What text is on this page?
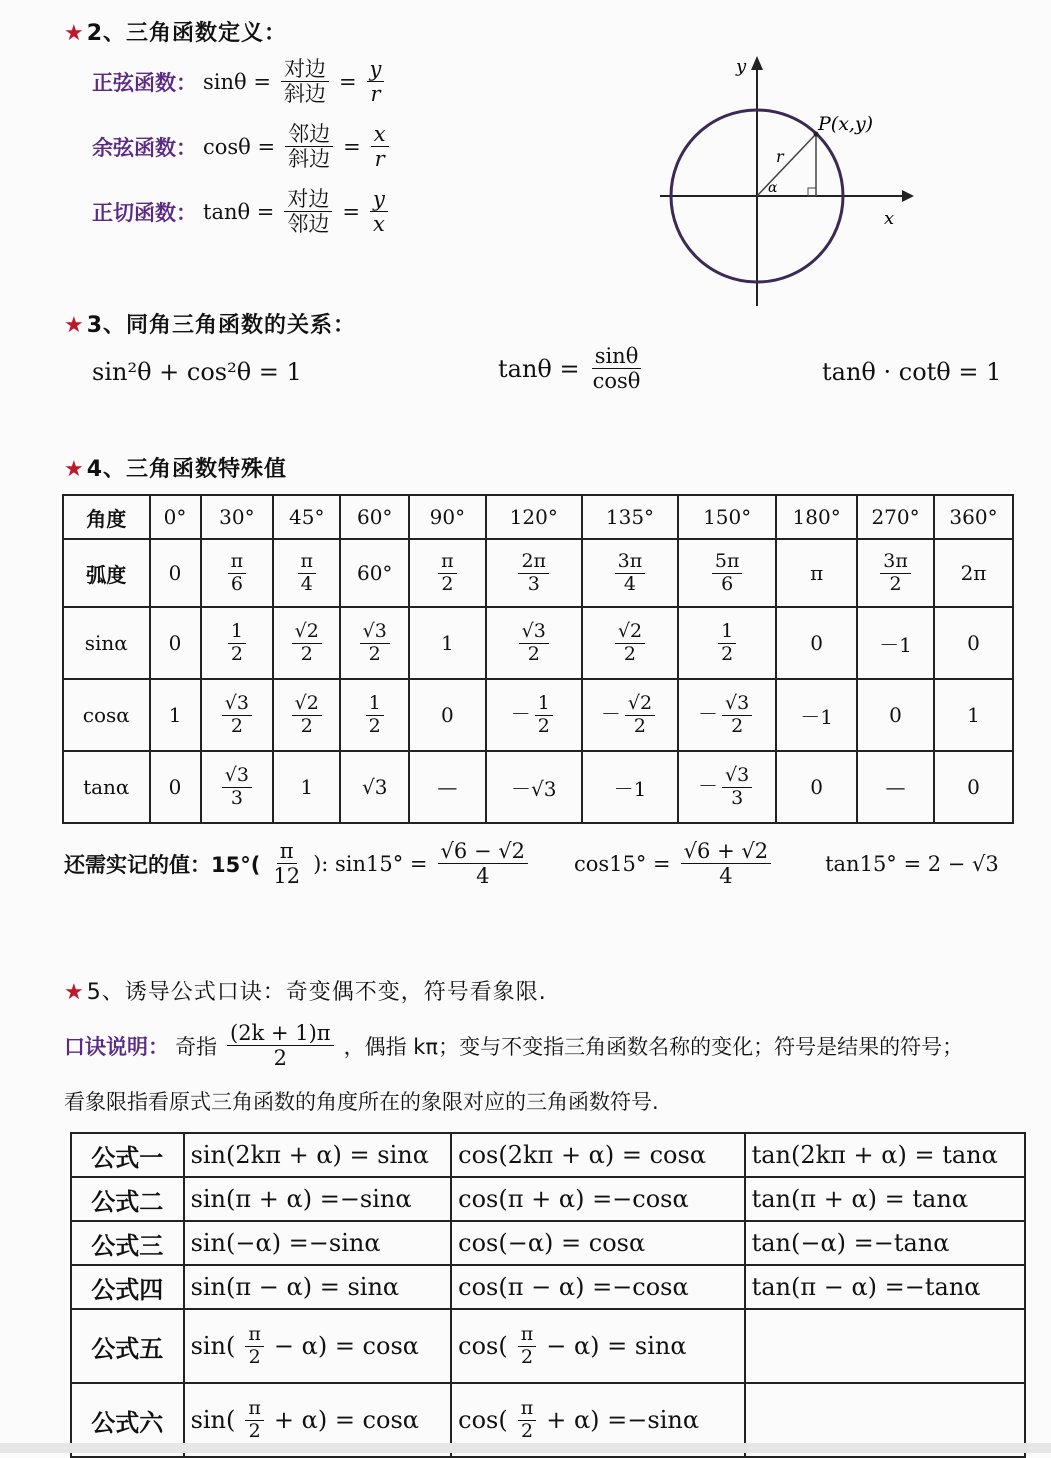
★2、三角函数定义：
正弦函数： $\sin\theta = \frac{\text{对边}}{\text{斜边}} = \frac{y}{r}$
余弦函数： $\cos\theta = \frac{\text{邻边}}{\text{斜边}} = \frac{x}{r}$
正切函数： $\tan\theta = \frac{\text{对边}}{\text{邻边}} = \frac{y}{x}$
y
x
P(x,y)
r
α
★3、同角三角函数的关系：
sin²θ + cos²θ = 1	$\tan\theta = \frac{\sin\theta}{\cos\theta}$	tanθ · cotθ = 1
★4、三角函数特殊值
角度	0°	30°	45°	60°	90°	120°	135°	150°	180°	270°	360°
弧度	0	$\frac{\pi}{6}$	$\frac{\pi}{4}$	60°	$\frac{\pi}{2}$	$\frac{2\pi}{3}$	$\frac{3\pi}{4}$	$\frac{5\pi}{6}$	π	$\frac{3\pi}{2}$	2π
sinα	0	$\frac{1}{2}$	$\frac{√2}{2}$	$\frac{√3}{2}$	1	$\frac{√3}{2}$	$\frac{√2}{2}$	$\frac{1}{2}$	0	－1	0
cosα	1	$\frac{√3}{2}$	$\frac{√2}{2}$	$\frac{1}{2}$	0	－ $\frac{1}{2}$	－ $\frac{√2}{2}$	－ $\frac{√3}{2}$	－1	0	1
tanα	0	$\frac{√3}{3}$	1	√3	—	－√3	－1	－ $\frac{√3}{3}$	0	—	0
还需实记的值：$15^\circ( \frac{\pi}{12}$ ): $\sin 15^\circ = \frac{√6 - √2}{4} \cos 15^\circ = \frac{√6 + √2}{4}$	tan15° = 2 − √3
★5、诱导公式口诀：奇变偶不变，符号看象限.
口诀说明： 奇指 $\frac{(2k + 1)\pi}{2}$ ，偶指 kπ；变与不变指三角函数名称的变化；符号是结果的符号；
看象限指看原式三角函数的角度所在的象限对应的三角函数符号.
公式一	sin(2kπ + α) = sinα	cos(2kπ + α) = cosα	tan(2kπ + α) = tanα
公式二	sin(π + α) =−sinα	cos(π + α) =−cosα	tan(π + α) = tanα
公式三	sin(−α) =−sinα	cos(−α) = cosα	tan(−α) =−tanα
公式四	sin(π − α) = sinα	cos(π − α) =−cosα	tan(π − α) =−tanα
公式五	$\sin( \frac{\pi}{2} - \alpha) = \cos\alpha$	$\cos( \frac{\pi}{2} - \alpha) = \sin\alpha$	

公式六	$\sin( \frac{\pi}{2} + \alpha) = \cos\alpha$	$\cos( \frac{\pi}{2} + \alpha) =-\sin\alpha$	
